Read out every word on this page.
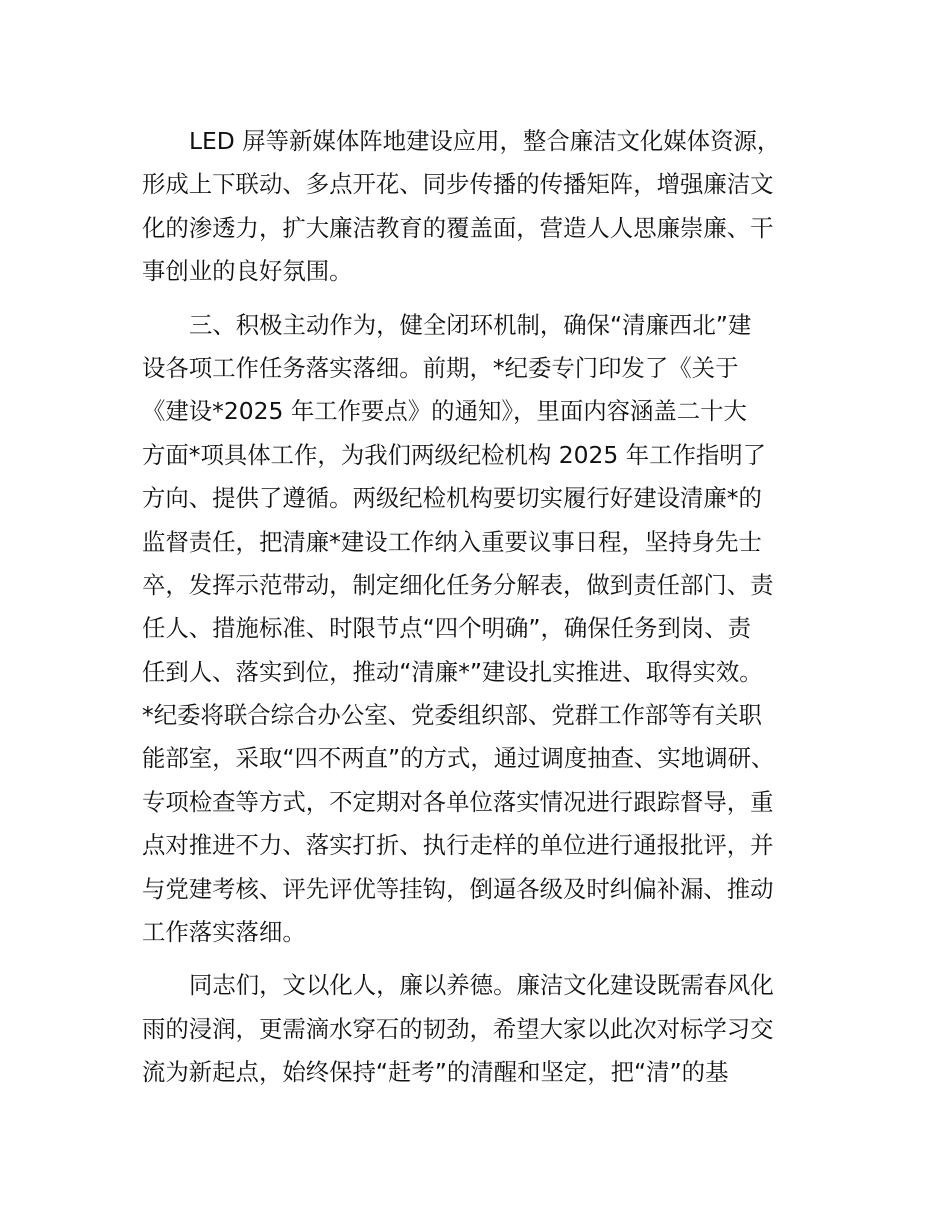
LED 屏等新媒体阵地建设应用，整合廉洁文化媒体资源，
形成上下联动、多点开花、同步传播的传播矩阵，增强廉洁文
化的渗透力，扩大廉洁教育的覆盖面，营造人人思廉崇廉、干
事创业的良好氛围。
三、积极主动作为，健全闭环机制，确保“清廉西北”建
设各项工作任务落实落细。前期，*纪委专门印发了《关于
《建设*2025 年工作要点》的通知》，里面内容涵盖二十大
方面*项具体工作，为我们两级纪检机构 2025 年工作指明了
方向、提供了遵循。两级纪检机构要切实履行好建设清廉*的
监督责任，把清廉*建设工作纳入重要议事日程，坚持身先士
卒，发挥示范带动，制定细化任务分解表，做到责任部门、责
任人、措施标准、时限节点“四个明确”，确保任务到岗、责
任到人、落实到位，推动“清廉*”建设扎实推进、取得实效。
*纪委将联合综合办公室、党委组织部、党群工作部等有关职
能部室，采取“四不两直”的方式，通过调度抽查、实地调研、
专项检查等方式，不定期对各单位落实情况进行跟踪督导，重
点对推进不力、落实打折、执行走样的单位进行通报批评，并
与党建考核、评先评优等挂钩，倒逼各级及时纠偏补漏、推动
工作落实落细。
同志们，文以化人，廉以养德。廉洁文化建设既需春风化
雨的浸润，更需滴水穿石的韧劲，希望大家以此次对标学习交
流为新起点，始终保持“赶考”的清醒和坚定，把“清”的基
